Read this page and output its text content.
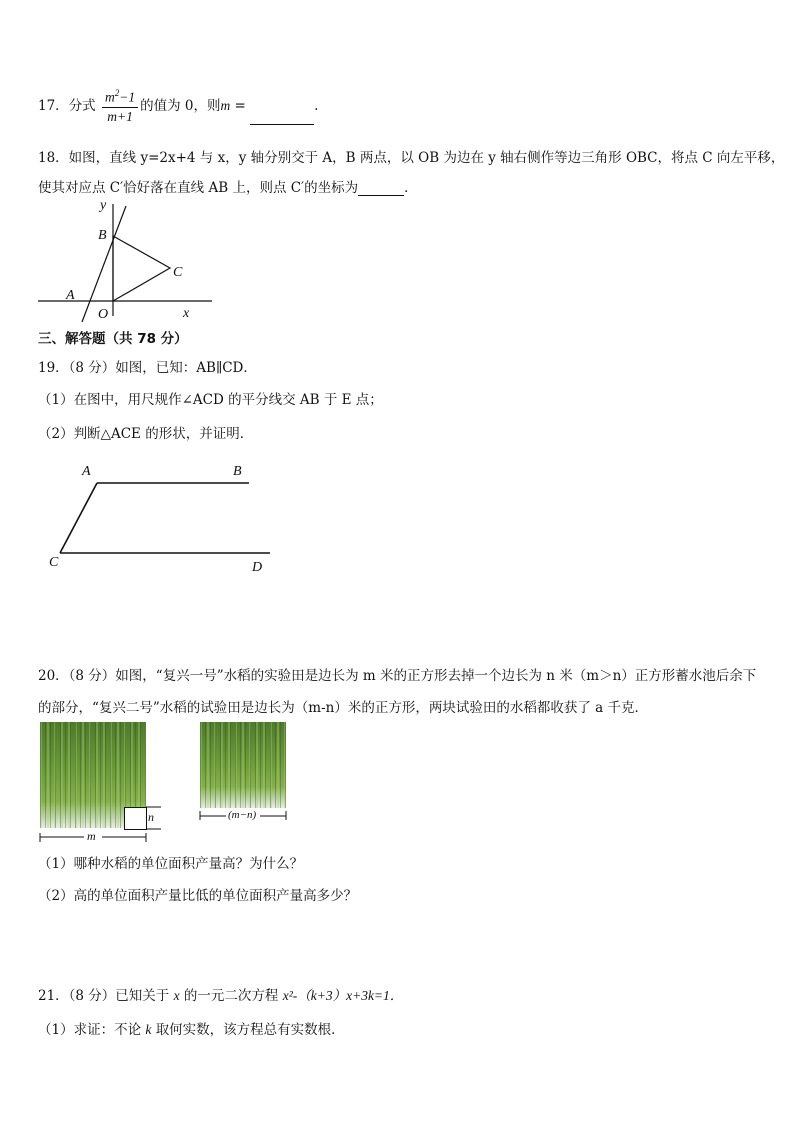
17．分式 $\frac{m^2-1}{m+1}$ 的值为 0，则m =	.
18．如图，直线 y=2x+4 与 x，y 轴分别交于 A，B 两点，以 OB 为边在 y 轴右侧作等边三角形 OBC，将点 C 向左平移，
使其对应点 C′恰好落在直线 AB 上，则点 C′的坐标为	．
y
x
B
C
A
O
三、解答题（共 78 分）
19．（8 分）如图，已知：AB∥CD．
（1）在图中，用尺规作∠ACD 的平分线交 AB 于 E 点；
（2）判断△ACE 的形状，并证明．
A	B
C	D
20．（8 分）如图，“复兴一号”水稻的实验田是边长为 m 米的正方形去掉一个边长为 n 米（m＞n）正方形蓄水池后余下
的部分，“复兴二号”水稻的试验田是边长为（m-n）米的正方形，两块试验田的水稻都收获了 a 千克．
n
m
(m−n)
（1）哪种水稻的单位面积产量高？为什么？
（2）高的单位面积产量比低的单位面积产量高多少？
21．（8 分）已知关于 x 的一元二次方程 x²-（k+3）x+3k=1．
（1）求证：不论 k 取何实数，该方程总有实数根．
